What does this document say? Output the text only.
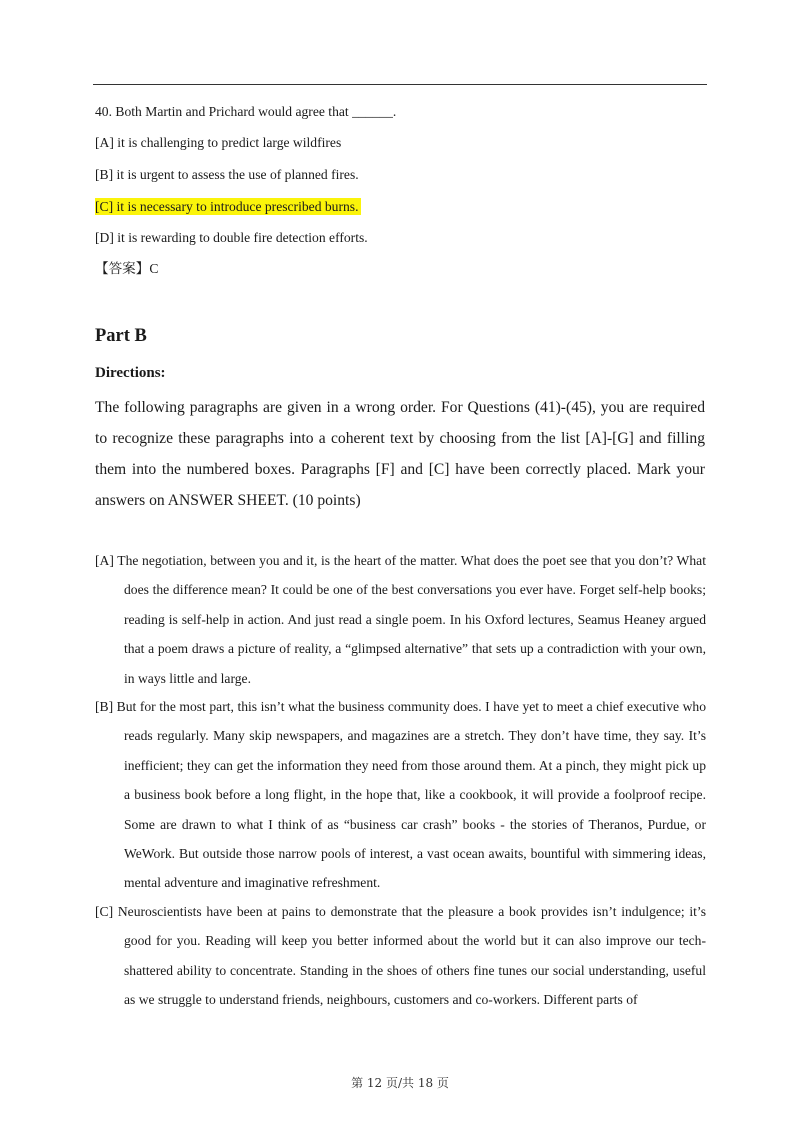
40. Both Martin and Prichard would agree that ______.
[A] it is challenging to predict large wildfires
[B] it is urgent to assess the use of planned fires.
[C] it is necessary to introduce prescribed burns.
[D] it is rewarding to double fire detection efforts.
【答案】C
Part B
Directions:
The following paragraphs are given in a wrong order. For Questions (41)-(45), you are required to recognize these paragraphs into a coherent text by choosing from the list [A]-[G] and filling them into the numbered boxes. Paragraphs [F] and [C] have been correctly placed. Mark your answers on ANSWER SHEET. (10 points)
[A] The negotiation, between you and it, is the heart of the matter. What does the poet see that you don’t? What does the difference mean? It could be one of the best conversations you ever have. Forget self-help books; reading is self-help in action. And just read a single poem. In his Oxford lectures, Seamus Heaney argued that a poem draws a picture of reality, a “glimpsed alternative” that sets up a contradiction with your own, in ways little and large.
[B] But for the most part, this isn’t what the business community does. I have yet to meet a chief executive who reads regularly. Many skip newspapers, and magazines are a stretch. They don’t have time, they say. It’s inefficient; they can get the information they need from those around them. At a pinch, they might pick up a business book before a long flight, in the hope that, like a cookbook, it will provide a foolproof recipe. Some are drawn to what I think of as “business car crash” books - the stories of Theranos, Purdue, or WeWork. But outside those narrow pools of interest, a vast ocean awaits, bountiful with simmering ideas, mental adventure and imaginative refreshment.
[C] Neuroscientists have been at pains to demonstrate that the pleasure a book provides isn’t indulgence; it’s good for you. Reading will keep you better informed about the world but it can also improve our tech-shattered ability to concentrate. Standing in the shoes of others fine tunes our social understanding, useful as we struggle to understand friends, neighbours, customers and co-workers. Different parts of
第 12 页/共 18 页
